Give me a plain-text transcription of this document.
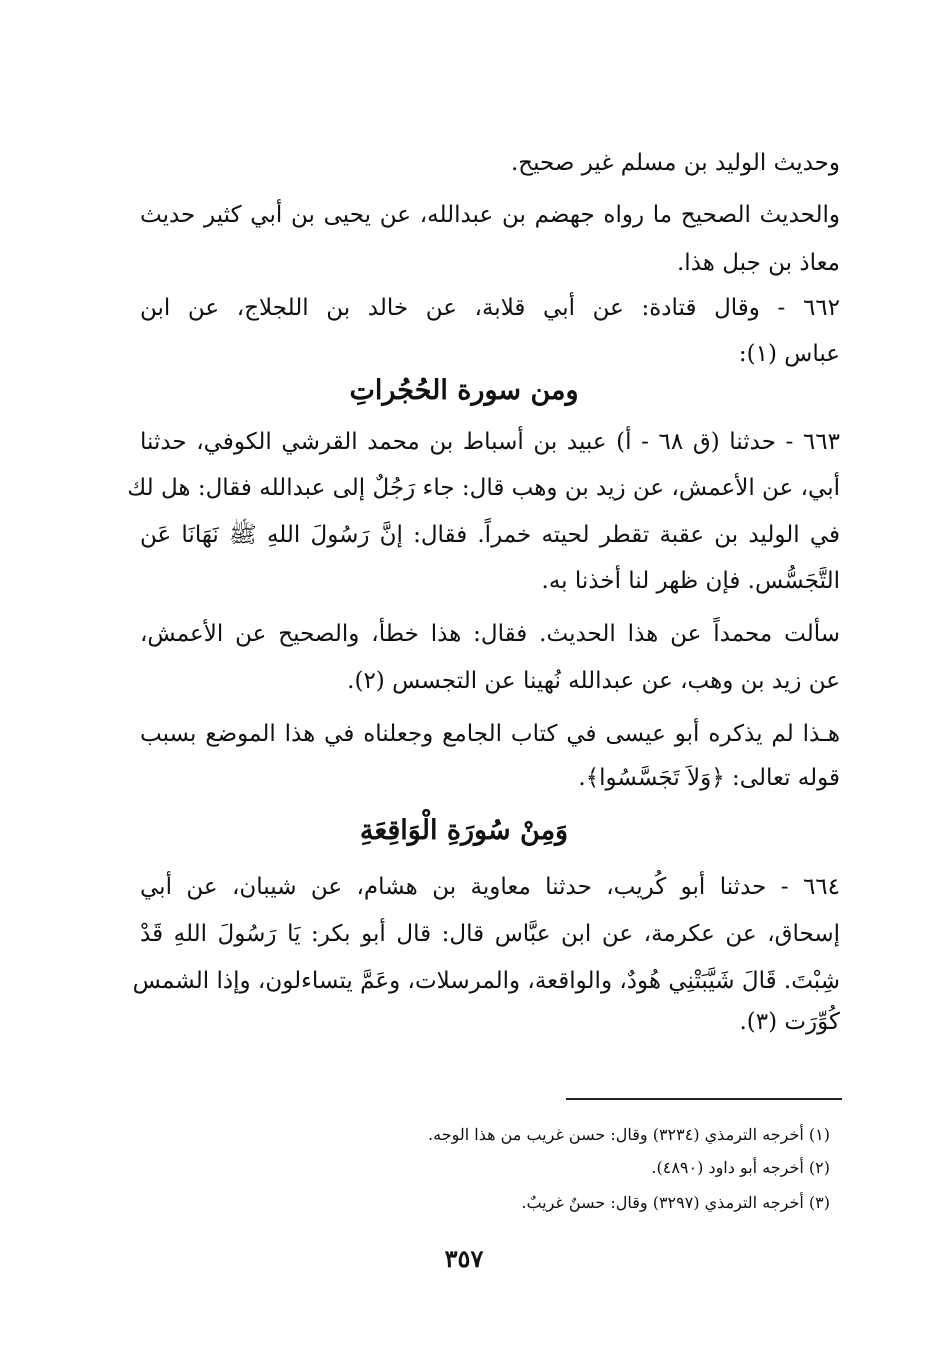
وحديث الوليد بن مسلم غير صحيح.
والحديث الصحيح ما رواه جهضم بن عبدالله، عن يحيى بن أبي كثير حديث
معاذ بن جبل هذا.
٦٦٢ - وقال قتادة: عن أبي قلابة، عن خالد بن اللجلاج، عن ابن
عباس (١):
ومن سورة الحُجُراتِ
٦٦٣ - حدثنا (ق ٦٨ - أ) عبيد بن أسباط بن محمد القرشي الكوفي، حدثنا
أبي، عن الأعمش، عن زيد بن وهب قال: جاء رَجُلٌ إلى عبدالله فقال: هل لك
في الوليد بن عقبة تقطر لحيته خمراً. فقال: إنَّ رَسُولَ اللهِ ﷺ نَهَانَا عَن
التَّجَسُّس. فإن ظهر لنا أخذنا به.
سألت محمداً عن هذا الحديث. فقال: هذا خطأ، والصحيح عن الأعمش،
عن زيد بن وهب، عن عبدالله نُهينا عن التجسس (٢).
هـذا لم يذكره أبو عيسى في كتاب الجامع وجعلناه في هذا الموضع بسبب
قوله تعالى: ﴿وَلاَ تَجَسَّسُوا﴾.
وَمِنْ سُورَةِ الْوَاقِعَةِ
٦٦٤ - حدثنا أبو كُريب، حدثنا معاوية بن هشام، عن شيبان، عن أبي
إسحاق، عن عكرمة، عن ابن عبَّاس قال: قال أبو بكر: يَا رَسُولَ اللهِ قَدْ
شِبْتَ. قَالَ شَيَّبَتْنِي هُودٌ، والواقعة، والمرسلات، وعَمَّ يتساءلون، وإذا الشمس
كُوِّرَت (٣).
(١) أخرجه الترمذي (٣٢٣٤) وقال: حسن غريب من هذا الوجه.
(٢) أخرجه أبو داود (٤٨٩٠).
(٣) أخرجه الترمذي (٣٢٩٧) وقال: حسنٌ غريبٌ.
٣٥٧
